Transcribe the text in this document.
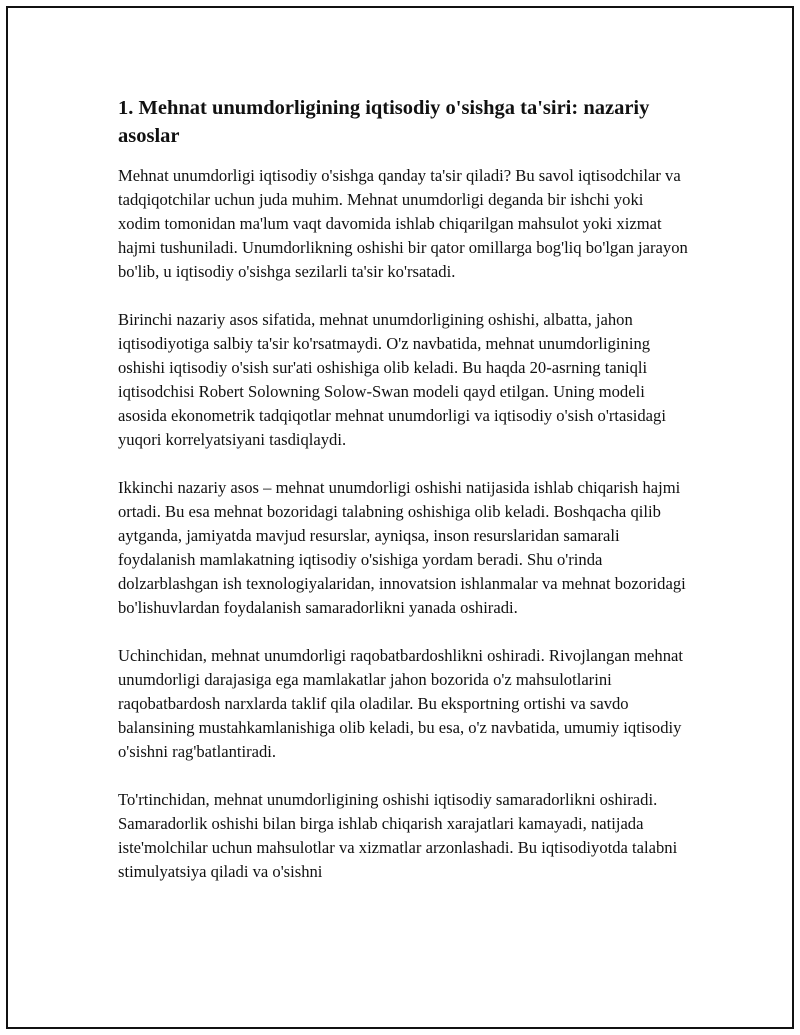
1. Mehnat unumdorligining iqtisodiy o'sishga ta'siri: nazariy asoslar

Mehnat unumdorligi iqtisodiy o'sishga qanday ta'sir qiladi? Bu savol iqtisodchilar va tadqiqotchilar uchun juda muhim. Mehnat unumdorligi deganda bir ishchi yoki xodim tomonidan ma'lum vaqt davomida ishlab chiqarilgan mahsulot yoki xizmat hajmi tushuniladi. Unumdorlikning oshishi bir qator omillarga bog'liq bo'lgan jarayon bo'lib, u iqtisodiy o'sishga sezilarli ta'sir ko'rsatadi.

Birinchi nazariy asos sifatida, mehnat unumdorligining oshishi, albatta, jahon iqtisodiyotiga salbiy ta'sir ko'rsatmaydi. O'z navbatida, mehnat unumdorligining oshishi iqtisodiy o'sish sur'ati oshishiga olib keladi. Bu haqda 20-asrning taniqli iqtisodchisi Robert Solowning Solow-Swan modeli qayd etilgan. Uning modeli asosida ekonometrik tadqiqotlar mehnat unumdorligi va iqtisodiy o'sish o'rtasidagi yuqori korrelyatsiyani tasdiqlaydi.

Ikkinchi nazariy asos – mehnat unumdorligi oshishi natijasida ishlab chiqarish hajmi ortadi. Bu esa mehnat bozoridagi talabning oshishiga olib keladi. Boshqacha qilib aytganda, jamiyatda mavjud resurslar, ayniqsa, inson resurslaridan samarali foydalanish mamlakatning iqtisodiy o'sishiga yordam beradi. Shu o'rinda dolzarblashgan ish texnologiyalaridan, innovatsion ishlanmalar va mehnat bozoridagi bo'lishuvlardan foydalanish samaradorlikni yanada oshiradi.

Uchinchidan, mehnat unumdorligi raqobatbardoshlikni oshiradi. Rivojlangan mehnat unumdorligi darajasiga ega mamlakatlar jahon bozorida o'z mahsulotlarini raqobatbardosh narxlarda taklif qila oladilar. Bu eksportning ortishi va savdo balansining mustahkamlanishiga olib keladi, bu esa, o'z navbatida, umumiy iqtisodiy o'sishni rag'batlantiradi.

To'rtinchidan, mehnat unumdorligining oshishi iqtisodiy samaradorlikni oshiradi. Samaradorlik oshishi bilan birga ishlab chiqarish xarajatlari kamayadi, natijada iste'molchilar uchun mahsulotlar va xizmatlar arzonlashadi. Bu iqtisodiyotda talabni stimulyatsiya qiladi va o'sishni
